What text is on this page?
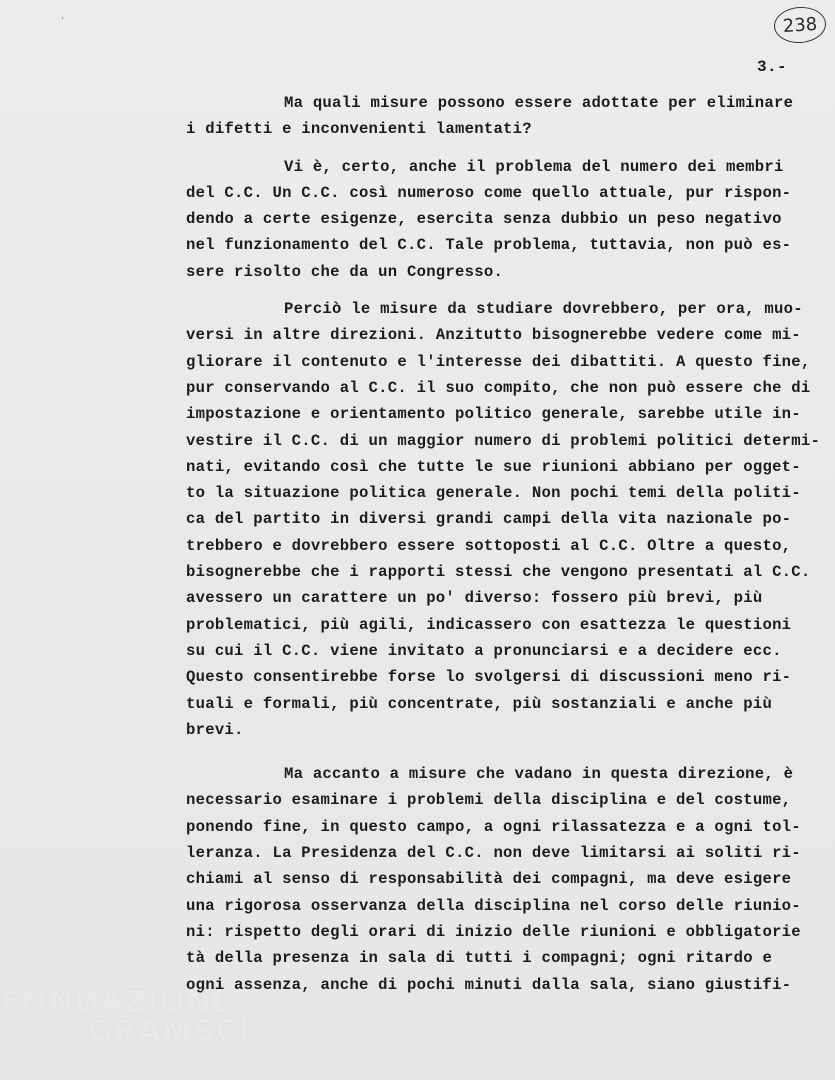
ˋ	238
3.-
Ma quali misure possono essere adottate per eliminare
i difetti e inconvenienti lamentati?
Vi è, certo, anche il problema del numero dei membri
del C.C. Un C.C. così numeroso come quello attuale, pur rispon-
dendo a certe esigenze, esercita senza dubbio un peso negativo
nel funzionamento del C.C. Tale problema, tuttavia, non può es-
sere risolto che da un Congresso.
Perciò le misure da studiare dovrebbero, per ora, muo-
versi in altre direzioni. Anzitutto bisognerebbe vedere come mi-
gliorare il contenuto e l'interesse dei dibattiti. A questo fine,
pur conservando al C.C. il suo compito, che non può essere che di
impostazione e orientamento politico generale, sarebbe utile in-
vestire il C.C. di un maggior numero di problemi politici determi-
nati, evitando così che tutte le sue riunioni abbiano per ogget-
to la situazione politica generale. Non pochi temi della politi-
ca del partito in diversi grandi campi della vita nazionale po-
trebbero e dovrebbero essere sottoposti al C.C. Oltre a questo,
bisognerebbe che i rapporti stessi che vengono presentati al C.C.
avessero un carattere un po' diverso: fossero più brevi, più
problematici, più agili, indicassero con esattezza le questioni
su cui il C.C. viene invitato a pronunciarsi e a decidere ecc.
Questo consentirebbe forse lo svolgersi di discussioni meno ri-
tuali e formali, più concentrate, più sostanziali e anche più
brevi.
Ma accanto a misure che vadano in questa direzione, è
necessario esaminare i problemi della disciplina e del costume,
ponendo fine, in questo campo, a ogni rilassatezza e a ogni tol-
leranza. La Presidenza del C.C. non deve limitarsi ai soliti ri-
chiami al senso di responsabilità dei compagni, ma deve esigere
una rigorosa osservanza della disciplina nel corso delle riunio-
ni: rispetto degli orari di inizio delle riunioni e obbligatorie
tà della presenza in sala di tutti i compagni; ogni ritardo e
ogni assenza, anche di pochi minuti dalla sala, siano giustifi-
FONDAZIONE
GRAMSCI
